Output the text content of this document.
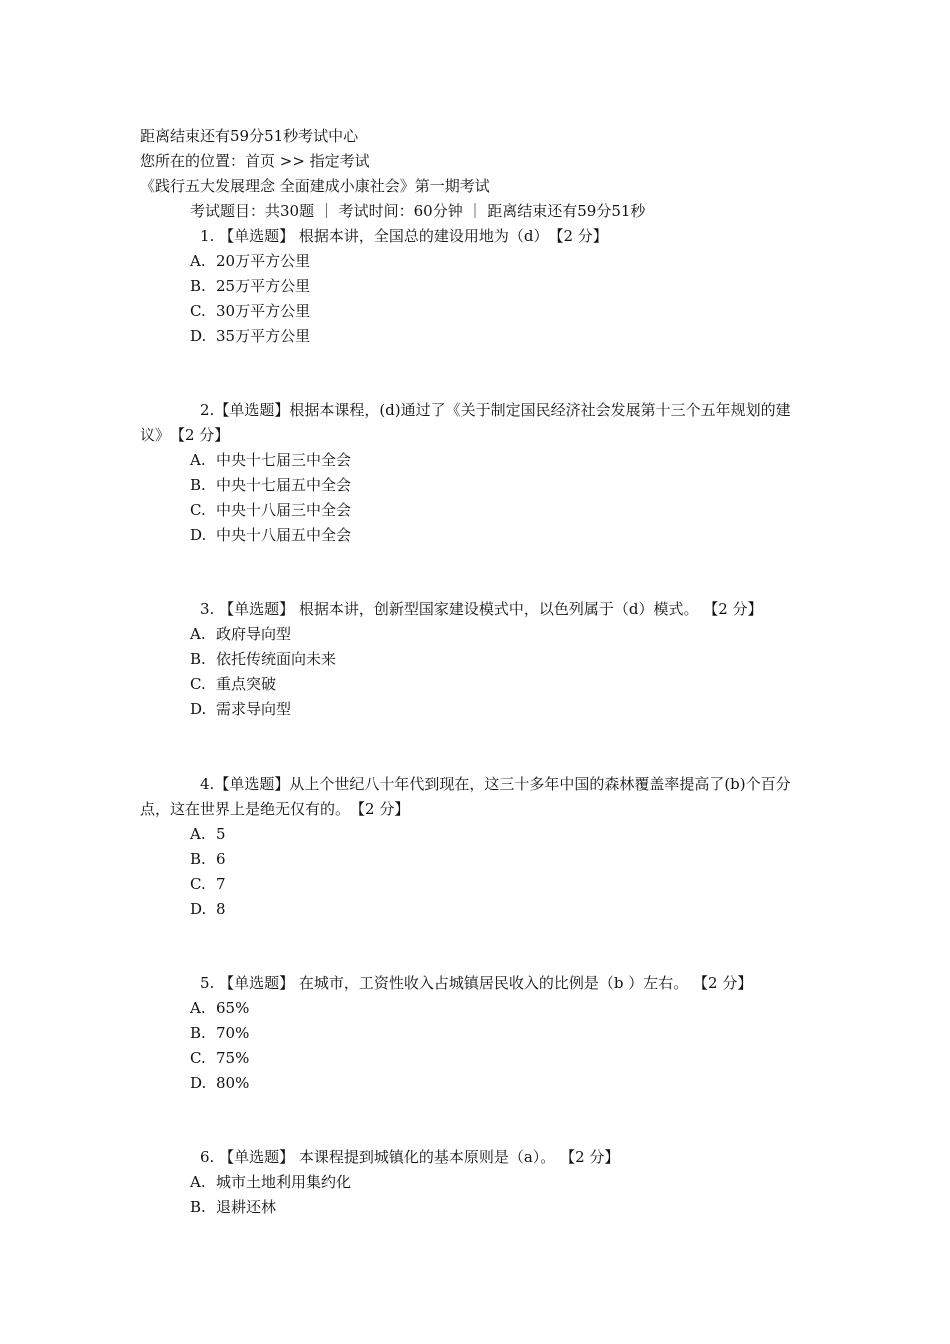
距离结束还有59分51秒考试中心
您所在的位置：首页 >> 指定考试
《践行五大发展理念 全面建成小康社会》第一期考试
考试题目：共30题 ｜ 考试时间：60分钟 ｜ 距离结束还有59分51秒
1. 【单选题】 根据本讲，全国总的建设用地为（d）　【2 分】
A. 20万平方公里
B. 25万平方公里
C. 30万平方公里
D. 35万平方公里
2.【单选题】根据本课程，(d)通过了《关于制定国民经济社会发展第十三个五年规划的建议》　【2 分】
A. 中央十七届三中全会
B. 中央十七届五中全会
C. 中央十八届三中全会
D. 中央十八届五中全会
3. 【单选题】 根据本讲，创新型国家建设模式中，以色列属于（d）模式。 【2 分】
A. 政府导向型
B. 依托传统面向未来
C. 重点突破
D. 需求导向型
4.【单选题】从上个世纪八十年代到现在，这三十多年中国的森林覆盖率提高了(b)个百分点，这在世界上是绝无仅有的。　【2 分】
A. 5
B. 6
C. 7
D. 8
5. 【单选题】 在城市，工资性收入占城镇居民收入的比例是（b ）左右。 【2 分】
A. 65%
B. 70%
C. 75%
D. 80%
6. 【单选题】 本课程提到城镇化的基本原则是（a）。 【2 分】
A. 城市土地利用集约化
B. 退耕还林
